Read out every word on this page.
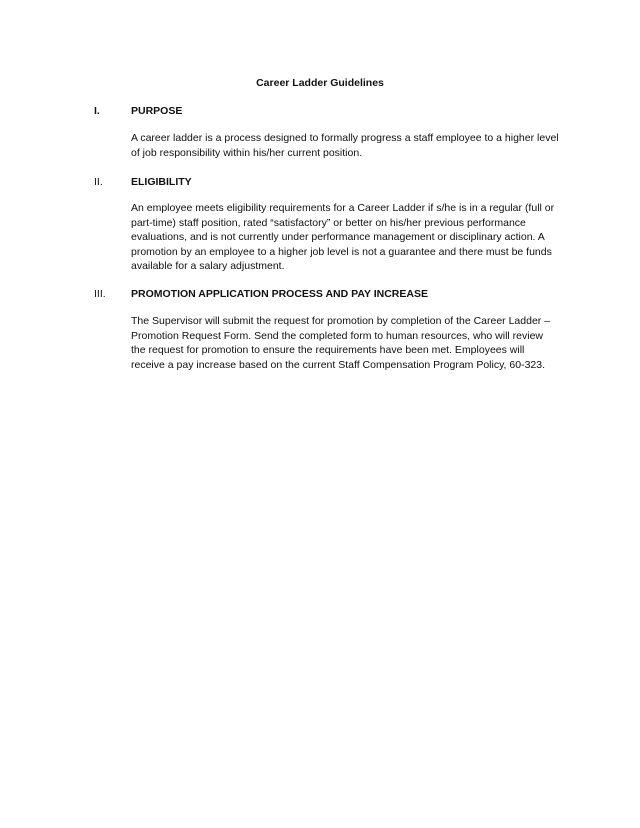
Career Ladder Guidelines
I.	PURPOSE
A career ladder is a process designed to formally progress a staff employee to a higher level
of job responsibility within his/her current position.
II.	ELIGIBILITY
An employee meets eligibility requirements for a Career Ladder if s/he is in a regular (full or
part-time) staff position, rated “satisfactory” or better on his/her previous performance
evaluations, and is not currently under performance management or disciplinary action. A
promotion by an employee to a higher job level is not a guarantee and there must be funds
available for a salary adjustment.
III. PROMOTION APPLICATION PROCESS AND PAY INCREASE
The Supervisor will submit the request for promotion by completion of the Career Ladder –
Promotion Request Form. Send the completed form to human resources, who will review
the request for promotion to ensure the requirements have been met. Employees will
receive a pay increase based on the current Staff Compensation Program Policy, 60-323.
